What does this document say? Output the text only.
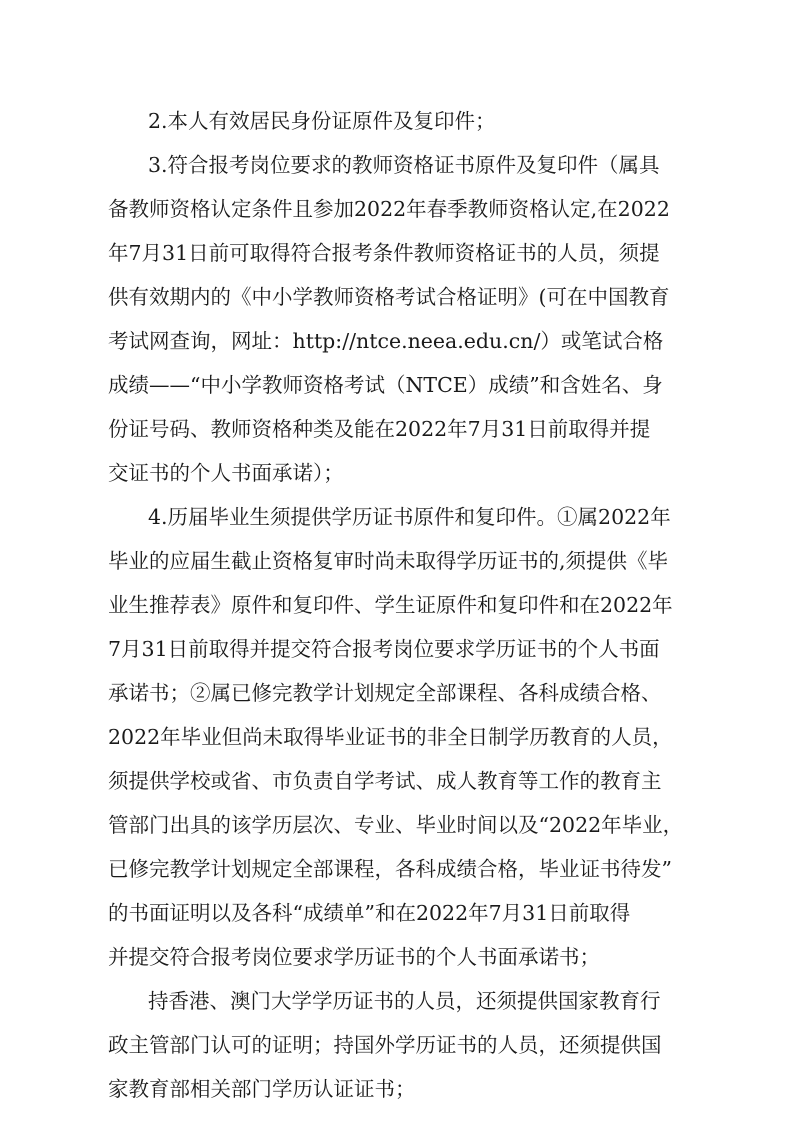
2.本人有效居民身份证原件及复印件；
3.符合报考岗位要求的教师资格证书原件及复印件（属具
备教师资格认定条件且参加2022年春季教师资格认定,在2022
年7月31日前可取得符合报考条件教师资格证书的人员，须提
供有效期内的《中小学教师资格考试合格证明》(可在中国教育
考试网查询，网址：http://ntce.neea.edu.cn/）或笔试合格
成绩——“中小学教师资格考试（NTCE）成绩”和含姓名、身
份证号码、教师资格种类及能在2022年7月31日前取得并提
交证书的个人书面承诺）；
4.历届毕业生须提供学历证书原件和复印件。①属2022年
毕业的应届生截止资格复审时尚未取得学历证书的,须提供《毕
业生推荐表》原件和复印件、学生证原件和复印件和在2022年
7月31日前取得并提交符合报考岗位要求学历证书的个人书面
承诺书；②属已修完教学计划规定全部课程、各科成绩合格、
2022年毕业但尚未取得毕业证书的非全日制学历教育的人员，
须提供学校或省、市负责自学考试、成人教育等工作的教育主
管部门出具的该学历层次、专业、毕业时间以及“2022年毕业，
已修完教学计划规定全部课程，各科成绩合格，毕业证书待发”
的书面证明以及各科“成绩单”和在2022年7月31日前取得
并提交符合报考岗位要求学历证书的个人书面承诺书；
持香港、澳门大学学历证书的人员，还须提供国家教育行
政主管部门认可的证明；持国外学历证书的人员，还须提供国
家教育部相关部门学历认证证书；
